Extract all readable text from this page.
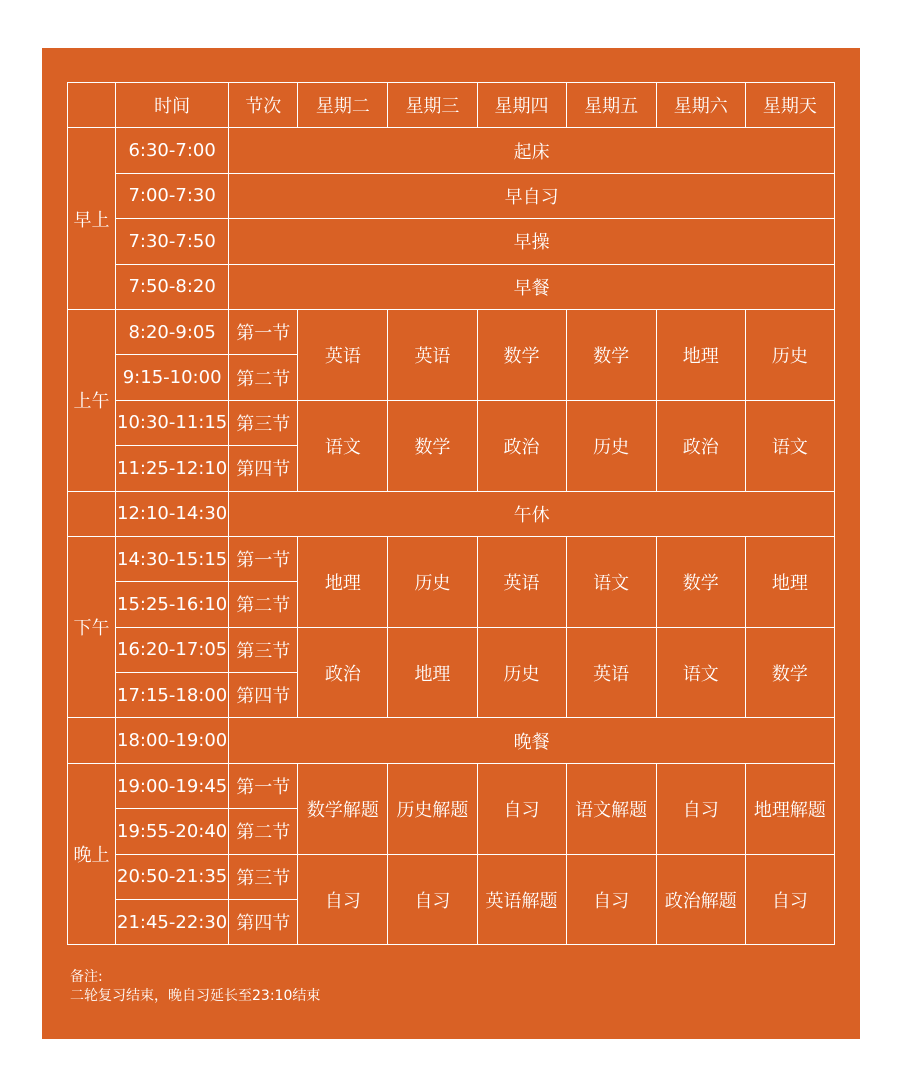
	时间	节次	星期二	星期三	星期四	星期五	星期六	星期天
早上	6:30-7:00	起床						
	7:00-7:30	早自习						
	7:30-7:50	早操						
	7:50-8:20	早餐						
上午	8:20-9:05	第一节	英语	英语	数学	数学	地理	历史
	9:15-10:00	第二节						
	10:30-11:15	第三节	语文	数学	政治	历史	政治	语文
	11:25-12:10	第四节						
	12:10-14:30	午休						
下午	14:30-15:15	第一节	地理	历史	英语	语文	数学	地理
	15:25-16:10	第二节						
	16:20-17:05	第三节	政治	地理	历史	英语	语文	数学
	17:15-18:00	第四节						
	18:00-19:00	晚餐						
晚上	19:00-19:45	第一节	数学解题	历史解题	自习	语文解题	自习	地理解题
	19:55-20:40	第二节						
	20:50-21:35	第三节	自习	自习	英语解题	自习	政治解题	自习
	21:45-22:30	第四节						
备注:
二轮复习结束，晚自习延长至23:10结束
